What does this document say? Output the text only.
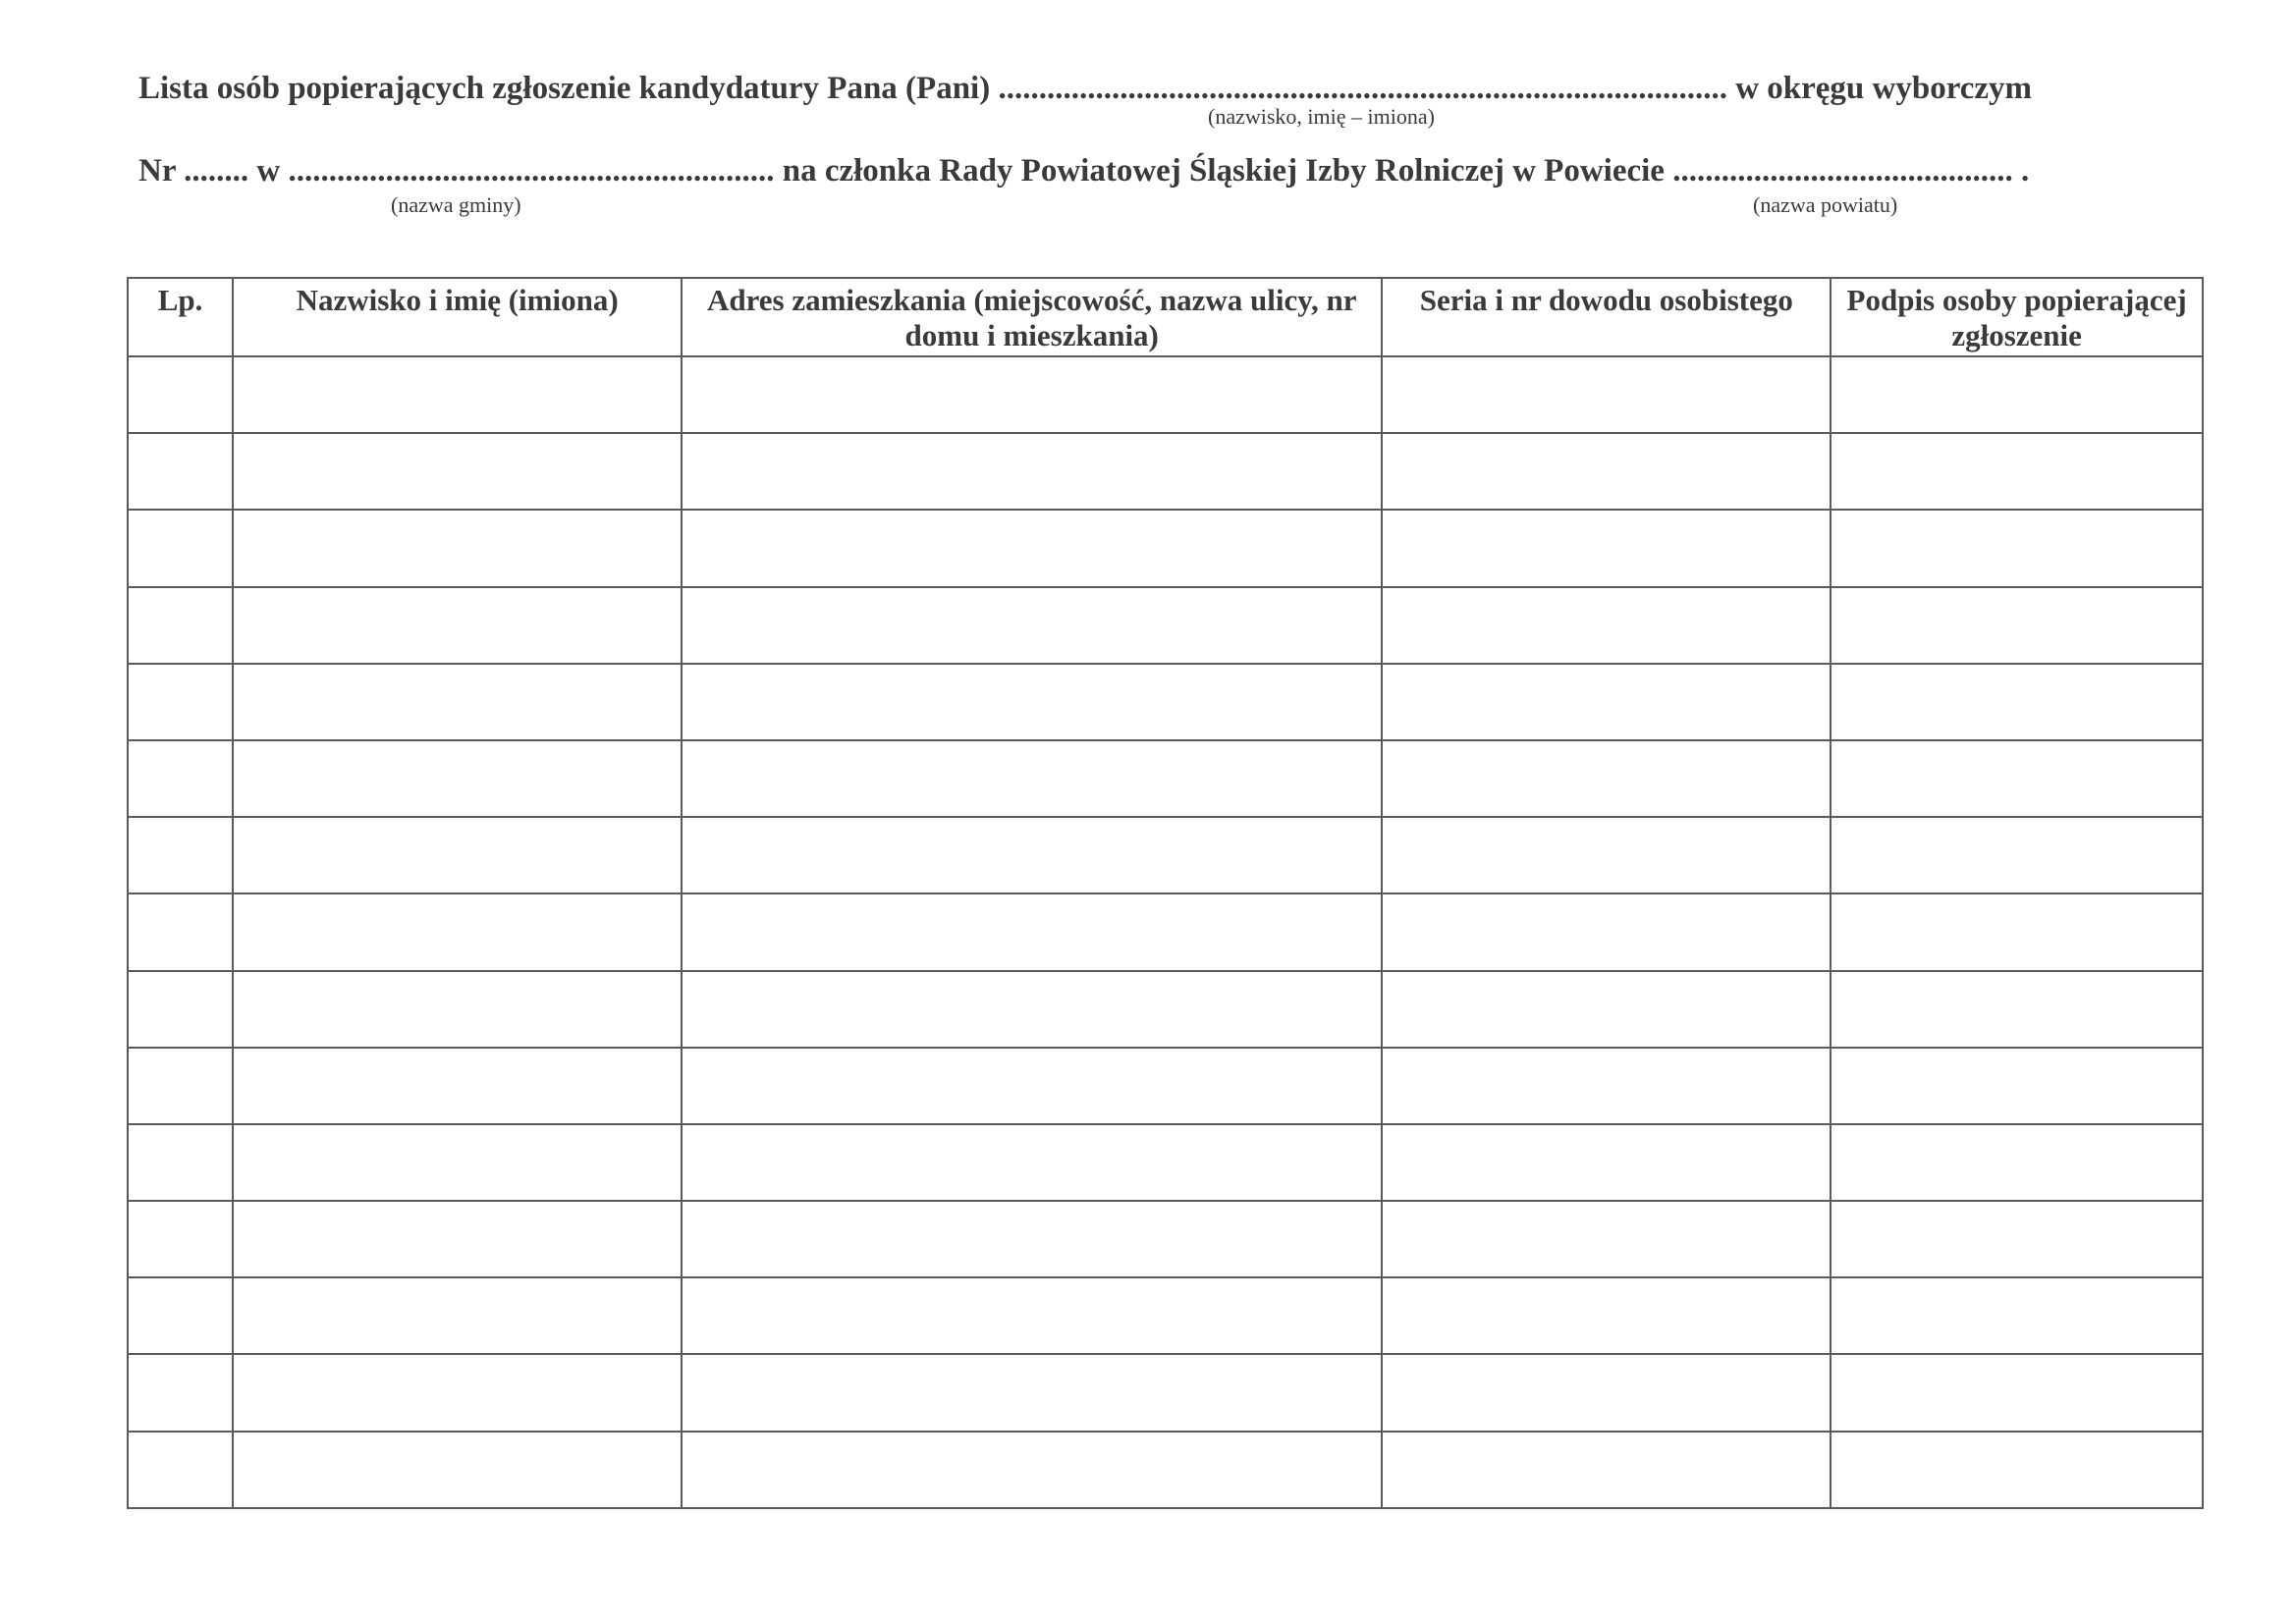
Lista osób popierających zgłoszenie kandydatury Pana (Pani) .......................................................................................... w okręgu wyborczym
(nazwisko, imię – imiona)
Nr ........ w ............................................................ na członka Rady Powiatowej Śląskiej Izby Rolniczej w Powiecie .......................................... .
(nazwa gminy)	(nazwa powiatu)
Lp.	Nazwisko i imię (imiona)	Adres zamieszkania (miejscowość, nazwa ulicy, nr domu i mieszkania)	Seria i nr dowodu osobistego	Podpis osoby popierającej zgłoszenie
